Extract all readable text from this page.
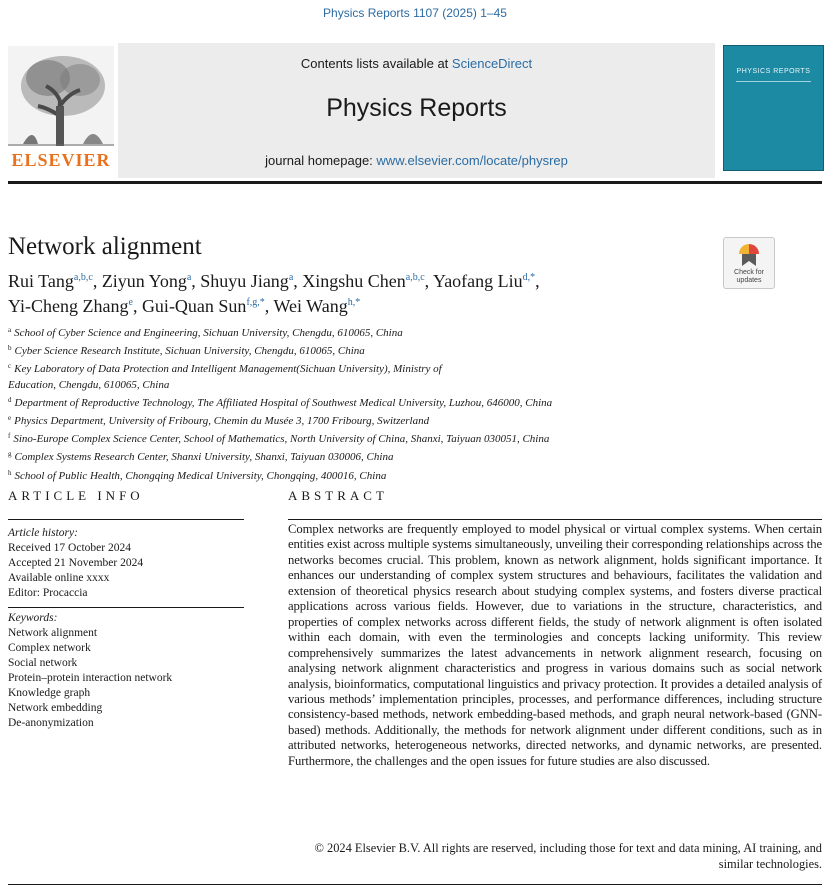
Physics Reports 1107 (2025) 1–45
Contents lists available at ScienceDirect
Physics Reports
journal homepage: www.elsevier.com/locate/physrep
ELSEVIER
PHYSICS REPORTS
Network alignment
Check for updates
Rui Tang$^{a,b,c}$, Ziyun Yong$^a$, Shuyu Jiang$^a$, Xingshu Chen$^{a,b,c}$, Yaofang Liu$^{d,*}$,
Yi-Cheng Zhang$^e$, Gui-Quan Sun$^{f,g,*}$, Wei Wang$^{h,*}$
$^a$ School of Cyber Science and Engineering, Sichuan University, Chengdu, 610065, China
$^b$ Cyber Science Research Institute, Sichuan University, Chengdu, 610065, China
$^c$ Key Laboratory of Data Protection and Intelligent Management(Sichuan University), Ministry of
Education, Chengdu, 610065, China
$^d$ Department of Reproductive Technology, The Affiliated Hospital of Southwest Medical University, Luzhou, 646000, China
$^e$ Physics Department, University of Fribourg, Chemin du Musée 3, 1700 Fribourg, Switzerland
$^f$ Sino-Europe Complex Science Center, School of Mathematics, North University of China, Shanxi, Taiyuan 030051, China
$^g$ Complex Systems Research Center, Shanxi University, Shanxi, Taiyuan 030006, China
$^h$ School of Public Health, Chongqing Medical University, Chongqing, 400016, China
ARTICLE INFO	ABSTRACT
Article history:
Received 17 October 2024
Accepted 21 November 2024
Available online xxxx
Editor: Procaccia
Keywords:
Network alignment
Complex network
Social network
Protein–protein interaction network
Knowledge graph
Network embedding
De-anonymization
Complex networks are frequently employed to model physical or virtual complex systems. When certain entities exist across multiple systems simultaneously, unveiling their corresponding relationships across the networks becomes crucial. This problem, known as network alignment, holds significant importance. It enhances our understanding of complex system structures and behaviours, facilitates the validation and extension of theoretical physics research about studying complex systems, and fosters diverse practical applications across various fields. However, due to variations in the structure, characteristics, and properties of complex networks across different fields, the study of network alignment is often isolated within each domain, with even the terminologies and concepts lacking uniformity. This review comprehensively summarizes the latest advancements in network alignment research, focusing on analysing network alignment characteristics and progress in various domains such as social network analysis, bioinformatics, computational linguistics and privacy protection. It provides a detailed analysis of various methods’ implementation principles, processes, and performance differences, including structure consistency-based methods, network embedding-based methods, and graph neural network-based (GNN-based) methods. Additionally, the methods for network alignment under different conditions, such as in attributed networks, heterogeneous networks, directed networks, and dynamic networks, are presented. Furthermore, the challenges and the open issues for future studies are also discussed.
© 2024 Elsevier B.V. All rights are reserved, including those for text and data mining, AI training, and similar technologies.
